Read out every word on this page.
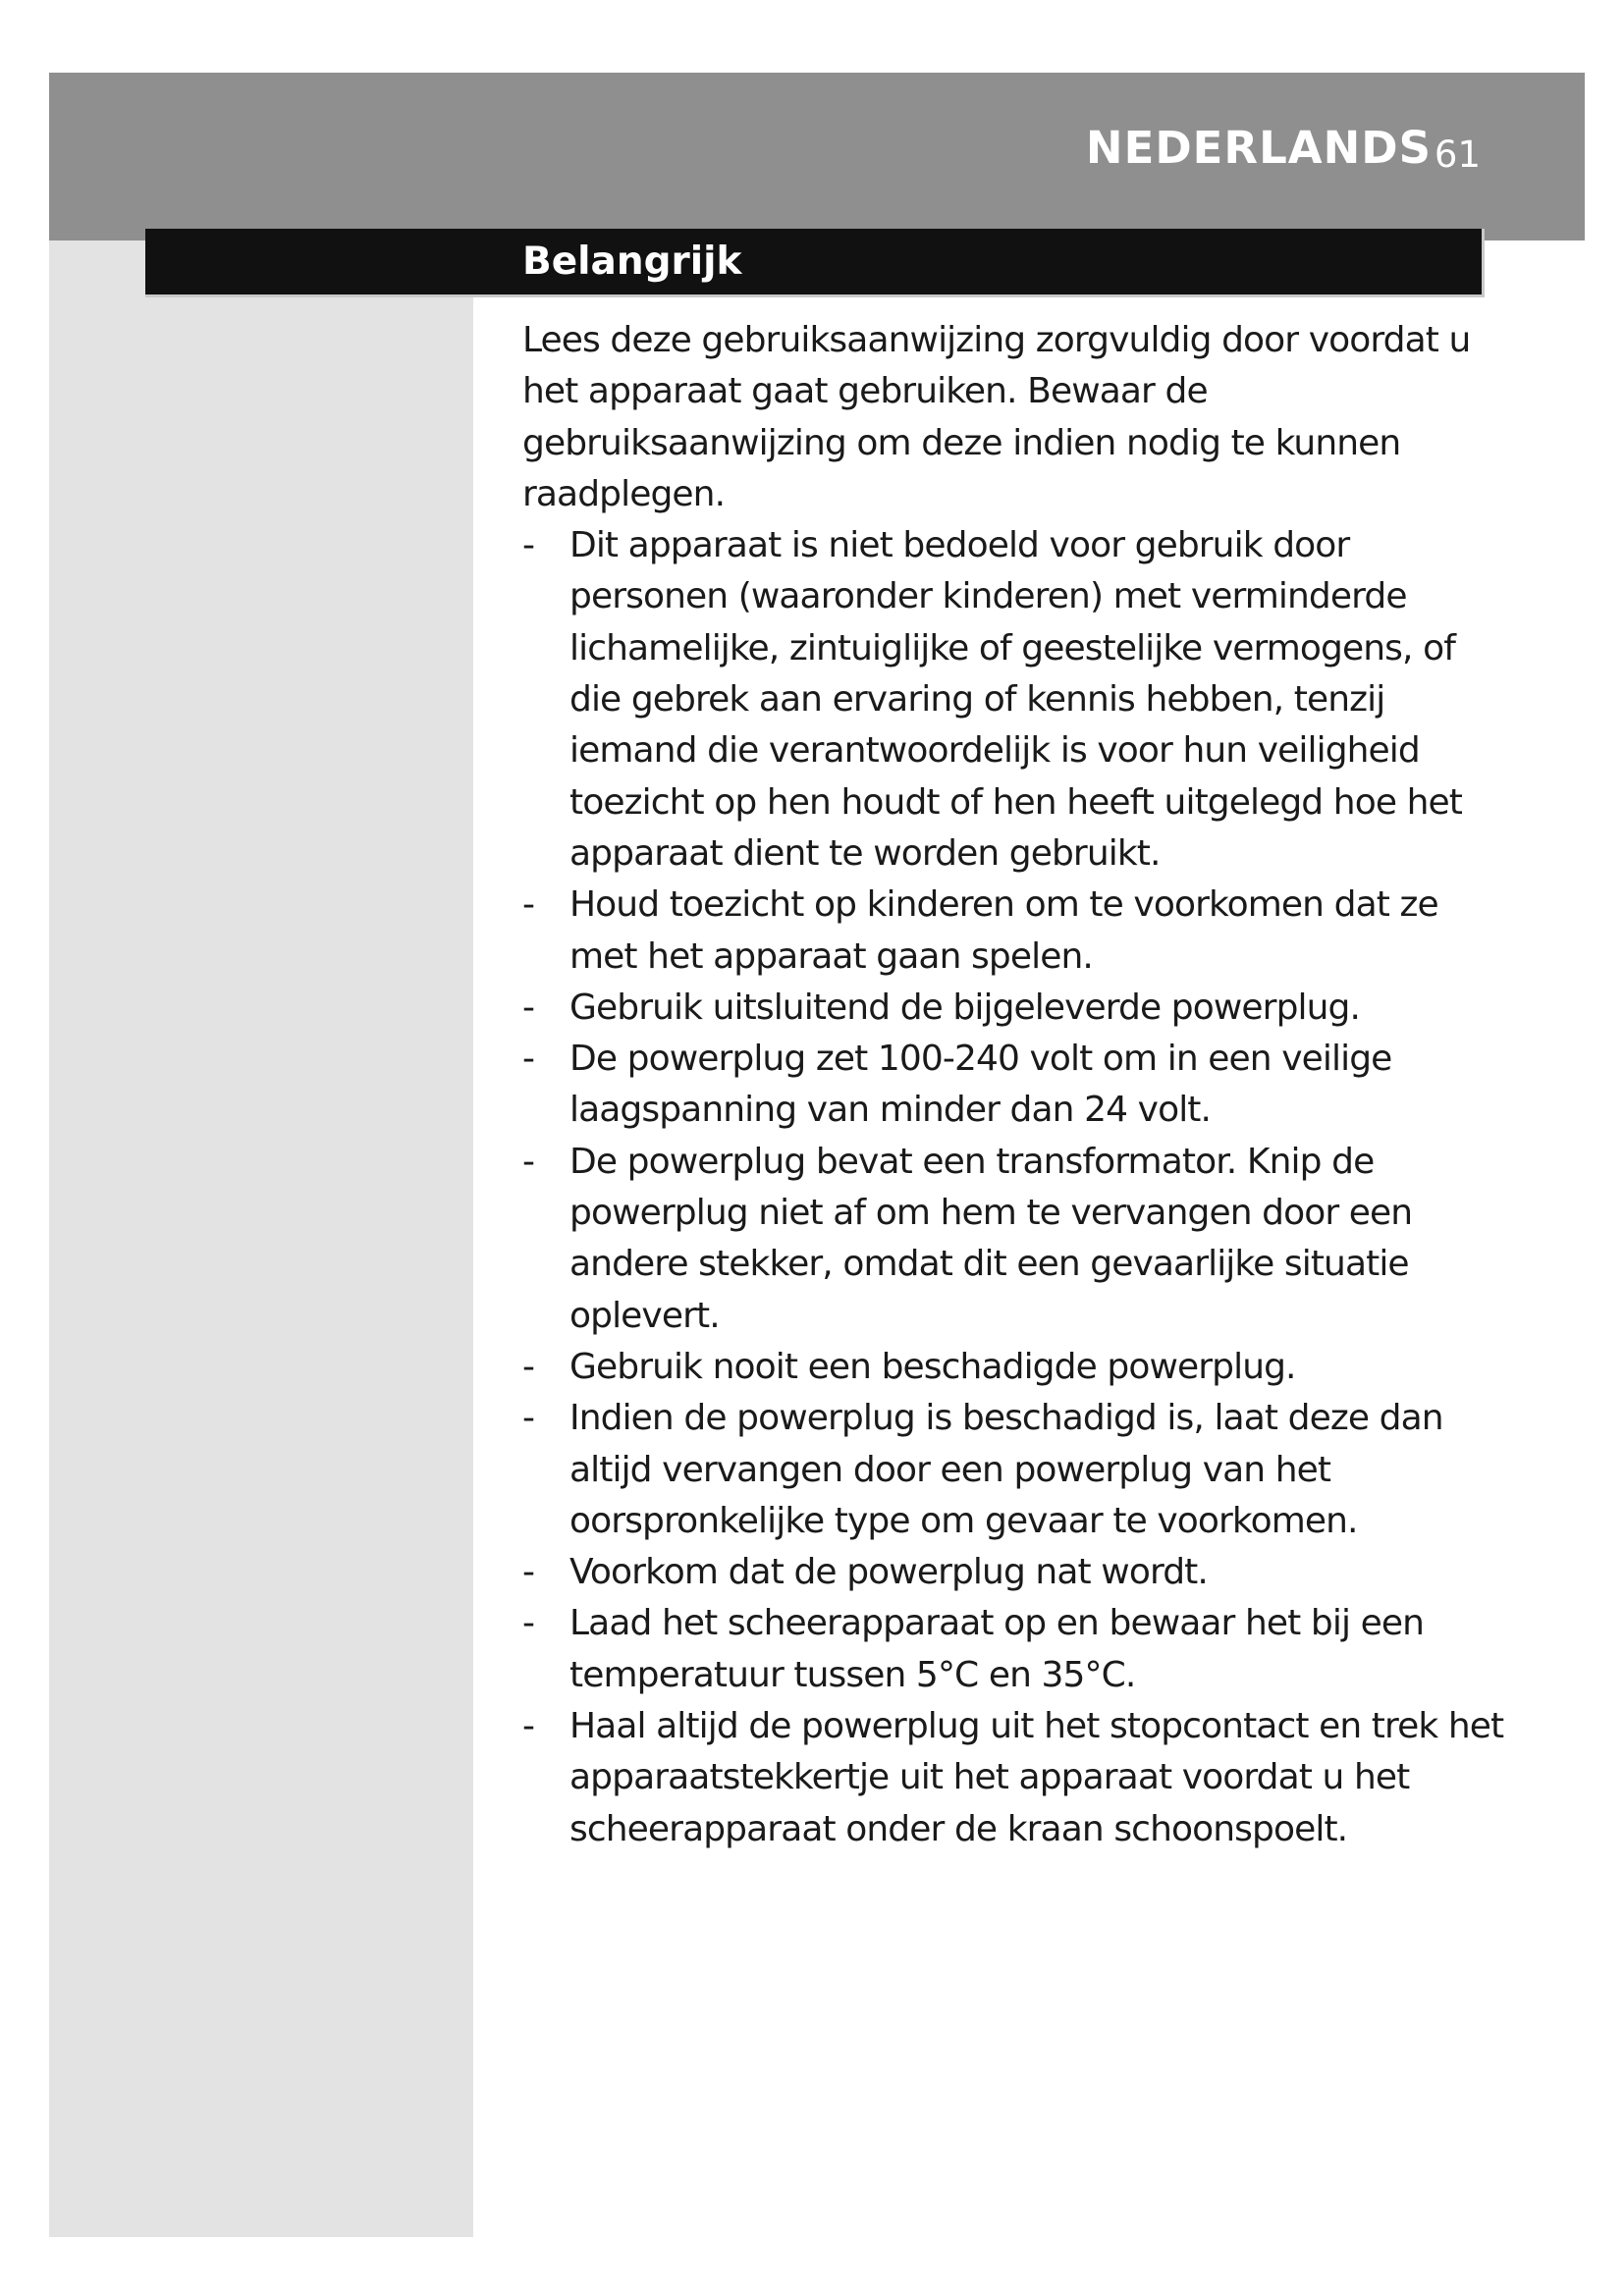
NEDERLANDS 61
Belangrijk

Lees deze gebruiksaanwijzing zorgvuldig door voordat u het apparaat gaat gebruiken. Bewaar de gebruiksaanwijzing om deze indien nodig te kunnen raadplegen.

- Dit apparaat is niet bedoeld voor gebruik door personen (waaronder kinderen) met verminderde lichamelijke, zintuiglijke of geestelijke vermogens, of die gebrek aan ervaring of kennis hebben, tenzij iemand die verantwoordelijk is voor hun veiligheid toezicht op hen houdt of hen heeft uitgelegd hoe het apparaat dient te worden gebruikt.
- Houd toezicht op kinderen om te voorkomen dat ze met het apparaat gaan spelen.
- Gebruik uitsluitend de bijgeleverde powerplug.
- De powerplug zet 100-240 volt om in een veilige laagspanning van minder dan 24 volt.
- De powerplug bevat een transformator. Knip de powerplug niet af om hem te vervangen door een andere stekker, omdat dit een gevaarlijke situatie oplevert.
- Gebruik nooit een beschadigde powerplug.
- Indien de powerplug is beschadigd is, laat deze dan altijd vervangen door een powerplug van het oorspronkelijke type om gevaar te voorkomen.
- Voorkom dat de powerplug nat wordt.
- Laad het scheerapparaat op en bewaar het bij een temperatuur tussen 5°C en 35°C.
- Haal altijd de powerplug uit het stopcontact en trek het apparaatstekkertje uit het apparaat voordat u het scheerapparaat onder de kraan schoonspoelt.
